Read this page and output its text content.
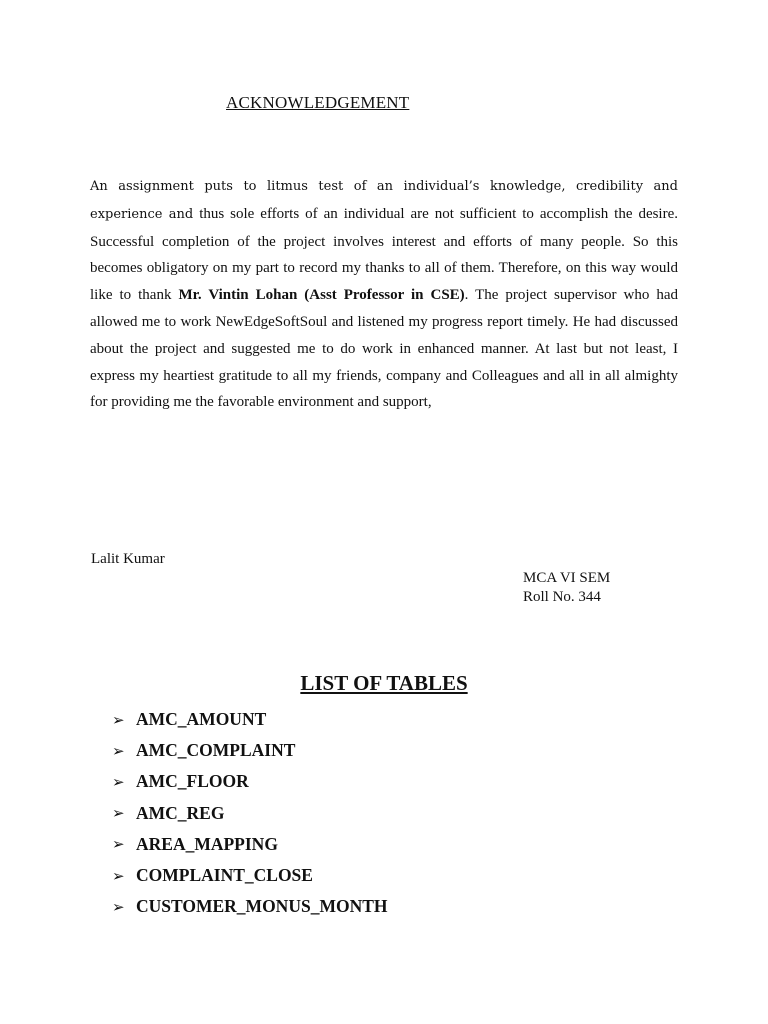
ACKNOWLEDGEMENT

An assignment puts to litmus test of an individual’s knowledge, credibility and experience and thus sole efforts of an individual are not sufficient to accomplish the desire. Successful completion of the project involves interest and efforts of many people. So this becomes obligatory on my part to record my thanks to all of them. Therefore, on this way would like to thank Mr. Vintin Lohan (Asst Professor in CSE). The project supervisor who had allowed me to work NewEdgeSoftSoul and listened my progress report timely. He had discussed about the project and suggested me to do work in enhanced manner. At last but not least, I express my heartiest gratitude to all my friends, company and Colleagues and all in all almighty for providing me the favorable environment and support,

Lalit Kumar

MCA VI SEM
Roll No. 344
LIST OF TABLES
➢ AMC_AMOUNT
➢ AMC_COMPLAINT
➢ AMC_FLOOR
➢ AMC_REG
➢ AREA_MAPPING
➢ COMPLAINT_CLOSE
➢ CUSTOMER_MONUS_MONTH
